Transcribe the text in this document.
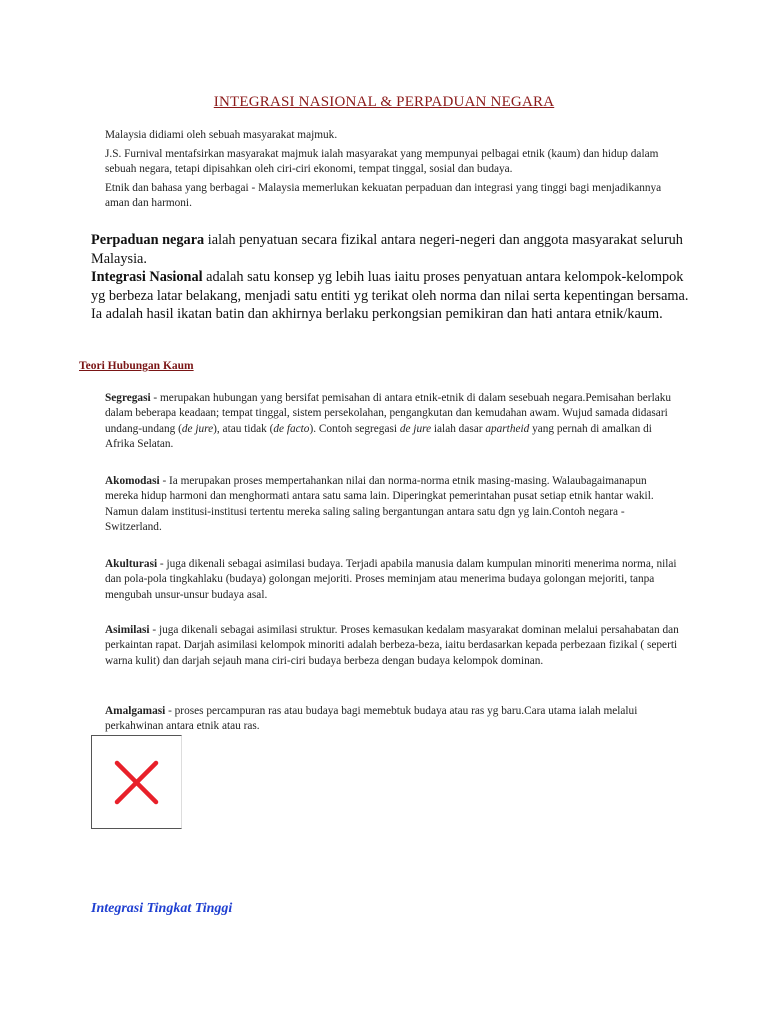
INTEGRASI NASIONAL & PERPADUAN NEGARA

Malaysia didiami oleh sebuah masyarakat majmuk.

J.S. Furnival mentafsirkan masyarakat majmuk ialah masyarakat yang mempunyai pelbagai etnik (kaum) dan hidup dalam sebuah negara, tetapi dipisahkan oleh ciri-ciri ekonomi, tempat tinggal, sosial dan budaya.

Etnik dan bahasa yang berbagai - Malaysia memerlukan kekuatan perpaduan dan integrasi yang tinggi bagi menjadikannya aman dan harmoni.

Perpaduan negara ialah penyatuan secara fizikal antara negeri-negeri dan anggota masyarakat seluruh Malaysia.

Integrasi Nasional adalah satu konsep yg lebih luas iaitu proses penyatuan antara kelompok-kelompok yg berbeza latar belakang, menjadi satu entiti yg terikat oleh norma dan nilai serta kepentingan bersama. Ia adalah hasil ikatan batin dan akhirnya berlaku perkongsian pemikiran dan hati antara etnik/kaum.

Teori Hubungan Kaum

Segregasi - merupakan hubungan yang bersifat pemisahan di antara etnik-etnik di dalam sesebuah negara.Pemisahan berlaku dalam beberapa keadaan; tempat tinggal, sistem persekolahan, pengangkutan dan kemudahan awam. Wujud samada didasari undang-undang (de jure), atau tidak (de facto). Contoh segregasi de jure ialah dasar apartheid yang pernah di amalkan di Afrika Selatan.

Akomodasi - Ia merupakan proses mempertahankan nilai dan norma-norma etnik masing-masing. Walaubagaimanapun mereka hidup harmoni dan menghormati antara satu sama lain. Diperingkat pemerintahan pusat setiap etnik hantar wakil. Namun dalam institusi-institusi tertentu mereka saling saling bergantungan antara satu dgn yg lain.Contoh negara - Switzerland.

Akulturasi - juga dikenali sebagai asimilasi budaya. Terjadi apabila manusia dalam kumpulan minoriti menerima norma, nilai dan pola-pola tingkahlaku (budaya) golongan mejoriti. Proses meminjam atau menerima budaya golongan mejoriti, tanpa mengubah unsur-unsur budaya asal.

Asimilasi - juga dikenali sebagai asimilasi struktur. Proses kemasukan kedalam masyarakat dominan melalui persahabatan dan perkaintan rapat. Darjah asimilasi kelompok minoriti adalah berbeza-beza, iaitu berdasarkan kepada perbezaan fizikal ( seperti warna kulit) dan darjah sejauh mana ciri-ciri budaya berbeza dengan budaya kelompok dominan.

Amalgamasi - proses percampuran ras atau budaya bagi memebtuk budaya atau ras yg baru.Cara utama ialah melalui perkahwinan antara etnik atau ras.

Integrasi Tingkat Tinggi
